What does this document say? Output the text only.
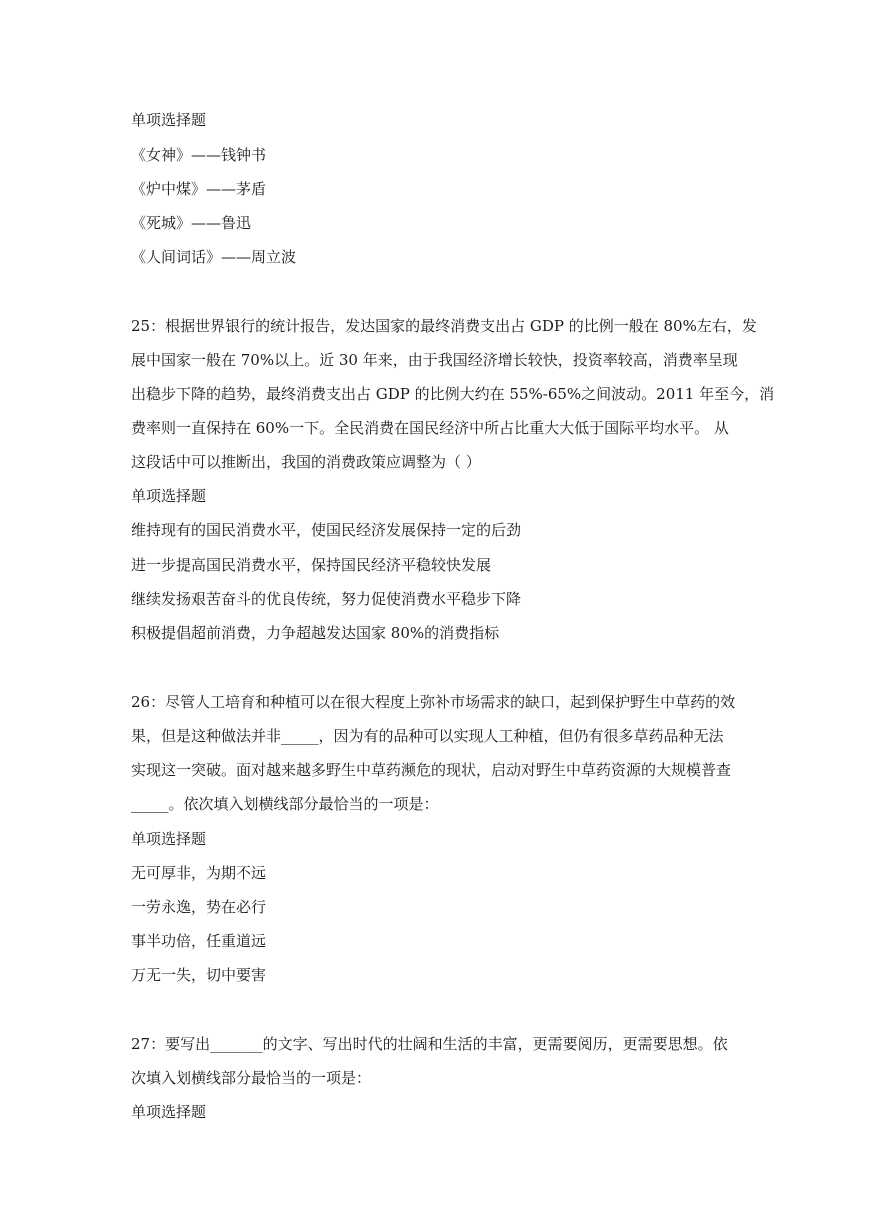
单项选择题
《女神》——钱钟书
《炉中煤》——茅盾
《死城》——鲁迅
《人间词话》——周立波
25：根据世界银行的统计报告，发达国家的最终消费支出占 GDP 的比例一般在 80%左右，发
展中国家一般在 70%以上。近 30 年来，由于我国经济增长较快，投资率较高，消费率呈现
出稳步下降的趋势，最终消费支出占 GDP 的比例大约在 55%-65%之间波动。2011 年至今，消
费率则一直保持在 60%一下。全民消费在国民经济中所占比重大大低于国际平均水平。 从
这段话中可以推断出，我国的消费政策应调整为（ ）
单项选择题
维持现有的国民消费水平，使国民经济发展保持一定的后劲
进一步提高国民消费水平，保持国民经济平稳较快发展
继续发扬艰苦奋斗的优良传统，努力促使消费水平稳步下降
积极提倡超前消费，力争超越发达国家 80%的消费指标
26：尽管人工培育和种植可以在很大程度上弥补市场需求的缺口，起到保护野生中草药的效
果，但是这种做法并非_____，因为有的品种可以实现人工种植，但仍有很多草药品种无法
实现这一突破。面对越来越多野生中草药濒危的现状，启动对野生中草药资源的大规模普查
_____。依次填入划横线部分最恰当的一项是：
单项选择题
无可厚非，为期不远
一劳永逸，势在必行
事半功倍，任重道远
万无一失，切中要害
27：要写出_______的文字、写出时代的壮阔和生活的丰富，更需要阅历，更需要思想。依
次填入划横线部分最恰当的一项是：
单项选择题
